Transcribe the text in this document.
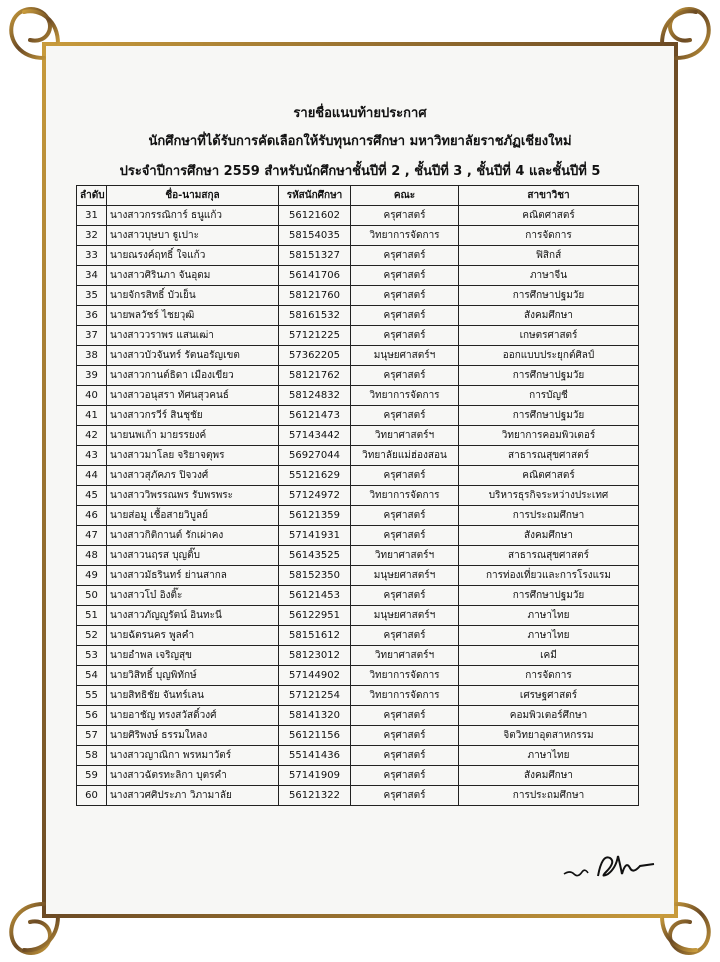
รายชื่อแนบท้ายประกาศ
นักศึกษาที่ได้รับการคัดเลือกให้รับทุนการศึกษา มหาวิทยาลัยราชภัฏเชียงใหม่
ประจำปีการศึกษา 2559 สำหรับนักศึกษาชั้นปีที่ 2 , ชั้นปีที่ 3 , ชั้นปีที่ 4 และชั้นปีที่ 5
ลำดับ	ชื่อ-นามสกุล	รหัสนักศึกษา	คณะ	สาขาวิชา
31	นางสาวกรรณิการ์ ธนูแก้ว	56121602	ครุศาสตร์	คณิตศาสตร์
32	นางสาวบุษบา ฐูเปาะ	58154035	วิทยาการจัดการ	การจัดการ
33	นายณรงค์ฤทธิ์ ใจแก้ว	58151327	ครุศาสตร์	ฟิสิกส์
34	นางสาวศิรินภา จันอุดม	56141706	ครุศาสตร์	ภาษาจีน
35	นายจักรสิทธิ์ บัวเย็น	58121760	ครุศาสตร์	การศึกษาปฐมวัย
36	นายพลวัชร์ ไชยวุฒิ	58161532	ครุศาสตร์	สังคมศึกษา
37	นางสาววราพร แสนเฒ่า	57121225	ครุศาสตร์	เกษตรศาสตร์
38	นางสาวบัวจันทร์ รัตนอรัญเขต	57362205	มนุษยศาสตร์ฯ	ออกแบบประยุกต์ศิลป์
39	นางสาวกานต์ธิดา เมืองเขียว	58121762	ครุศาสตร์	การศึกษาปฐมวัย
40	นางสาวอนุสรา ทัศนสุวคนธ์	58124832	วิทยาการจัดการ	การบัญชี
41	นางสาวกรวีร์ สินชุชัย	56121473	ครุศาสตร์	การศึกษาปฐมวัย
42	นายนพเก้า มายรรยงค์	57143442	วิทยาศาสตร์ฯ	วิทยาการคอมพิวเตอร์
43	นางสาวมาโลย จริยาจตุพร	56927044	วิทยาลัยแม่ฮ่องสอน	สาธารณสุขศาสตร์
44	นางสาวสุภัคภร ปิจวงศ์	55121629	ครุศาสตร์	คณิตศาสตร์
45	นางสาววิพรรณพร รับพรพระ	57124972	วิทยาการจัดการ	บริหารธุรกิจระหว่างประเทศ
46	นายส่อมู เชื้อสายวิบูลย์	56121359	ครุศาสตร์	การประถมศึกษา
47	นางสาวกิติกานต์ รักเผ่าคง	57141931	ครุศาสตร์	สังคมศึกษา
48	นางสาวนฤรส บุญติ๊บ	56143525	วิทยาศาสตร์ฯ	สาธารณสุขศาสตร์
49	นางสาวมัธรินทร์ ย่านสากล	58152350	มนุษยศาสตร์ฯ	การท่องเที่ยวและการโรงแรม
50	นางสาวโบ๋ อิงติ๊ะ	56121453	ครุศาสตร์	การศึกษาปฐมวัย
51	นางสาวภัญญูรัตน์ อินทะนี	56122951	มนุษยศาสตร์ฯ	ภาษาไทย
52	นายฉัตรนคร พูลคำ	58151612	ครุศาสตร์	ภาษาไทย
53	นายอำพล เจริญสุข	58123012	วิทยาศาสตร์ฯ	เคมี
54	นายวิสิทธิ์ บุญพิทักษ์	57144902	วิทยาการจัดการ	การจัดการ
55	นายสิทธิชัย จันทร์เลน	57121254	วิทยาการจัดการ	เศรษฐศาสตร์
56	นายอาชัญ ทรงสวัสดิ์วงศ์	58141320	ครุศาสตร์	คอมพิวเตอร์ศึกษา
57	นายศิริพงษ์ ธรรมใหลง	56121156	ครุศาสตร์	จิตวิทยาอุตสาหกรรม
58	นางสาวญาณิกา พรหมาวัตร์	55141436	ครุศาสตร์	ภาษาไทย
59	นางสาวฉัตรทะลิกา บุตรคำ	57141909	ครุศาสตร์	สังคมศึกษา
60	นางสาวศศิประภา วิภามาลัย	56121322	ครุศาสตร์	การประถมศึกษา
